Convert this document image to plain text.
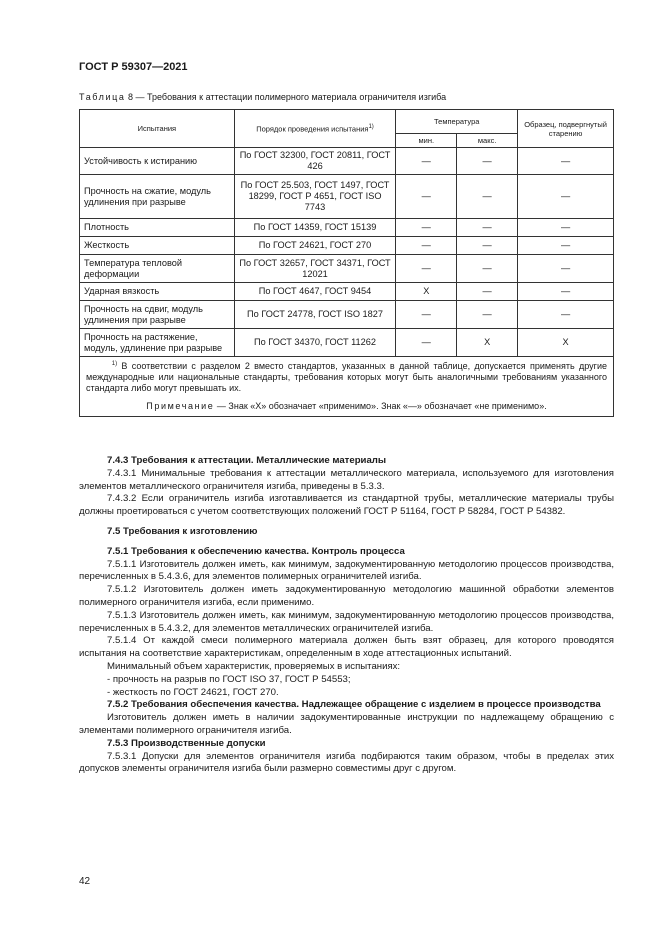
ГОСТ Р 59307—2021
Таблица 8 — Требования к аттестации полимерного материала ограничителя изгиба
Испытания	Порядок проведения испытания$^{1)}$	Температура		Образец, подвергнутый старению
		мин.	макс.	
Устойчивость к истиранию	По ГОСТ 32300, ГОСТ 20811, ГОСТ 426	—	—	—
Прочность на сжатие, модуль удлинения при разрыве	По ГОСТ 25.503, ГОСТ 1497, ГОСТ 18299, ГОСТ Р 4651, ГОСТ ISO 7743	—	—	—
Плотность	По ГОСТ 14359, ГОСТ 15139	—	—	—
Жесткость	По ГОСТ 24621, ГОСТ 270	—	—	—
Температура тепловой деформации	По ГОСТ 32657, ГОСТ 34371, ГОСТ 12021	—	—	—
Ударная вязкость	По ГОСТ 4647, ГОСТ 9454	X	—	—
Прочность на сдвиг, модуль удлинения при разрыве	По ГОСТ 24778, ГОСТ ISO 1827	—	—	—
Прочность на растяжение, модуль, удлинение при разрыве	По ГОСТ 34370, ГОСТ 11262	—	X	X

$^{1)}$ В соответствии с разделом 2 вместо стандартов, указанных в данной таблице, допускается применять другие международные или национальные стандарты, требования которых могут быть аналогичными требованиям указанного стандарта либо могут превышать их.
Примечание — Знак «X» обозначает «применимо». Знак «—» обозначает «не применимо».				

7.4.3 Требования к аттестации. Металлические материалы

7.4.3.1 Минимальные требования к аттестации металлического материала, используемого для изготовления элементов металлического ограничителя изгиба, приведены в 5.3.3.

7.4.3.2 Если ограничитель изгиба изготавливается из стандартной трубы, металлические материалы трубы должны проетироваться с учетом соответствующих положений ГОСТ Р 51164, ГОСТ Р 58284, ГОСТ Р 54382.

7.5 Требования к изготовлению

7.5.1 Требования к обеспечению качества. Контроль процесса

7.5.1.1 Изготовитель должен иметь, как минимум, задокументированную методологию процессов производства, перечисленных в 5.4.3.6, для элементов полимерных ограничителей изгиба.

7.5.1.2 Изготовитель должен иметь задокументированную методологию машинной обработки элементов полимерного ограничителя изгиба, если применимо.

7.5.1.3 Изготовитель должен иметь, как минимум, задокументированную методологию процессов производства, перечисленных в 5.4.3.2, для элементов металлических ограничителей изгиба.

7.5.1.4 От каждой смеси полимерного материала должен быть взят образец, для которого проводятся испытания на соответствие характеристикам, определенным в ходе аттестационных испытаний.

Минимальный объем характеристик, проверяемых в испытаниях:

- прочность на разрыв по ГОСТ ISO 37, ГОСТ Р 54553;

- жесткость по ГОСТ 24621, ГОСТ 270.

7.5.2 Требования обеспечения качества. Надлежащее обращение с изделием в процессе производства

Изготовитель должен иметь в наличии задокументированные инструкции по надлежащему обращению с элементами полимерного ограничителя изгиба.

7.5.3 Производственные допуски

7.5.3.1 Допуски для элементов ограничителя изгиба подбираются таким образом, чтобы в пределах этих допусков элементы ограничителя изгиба были размерно совместимы друг с другом.

42
